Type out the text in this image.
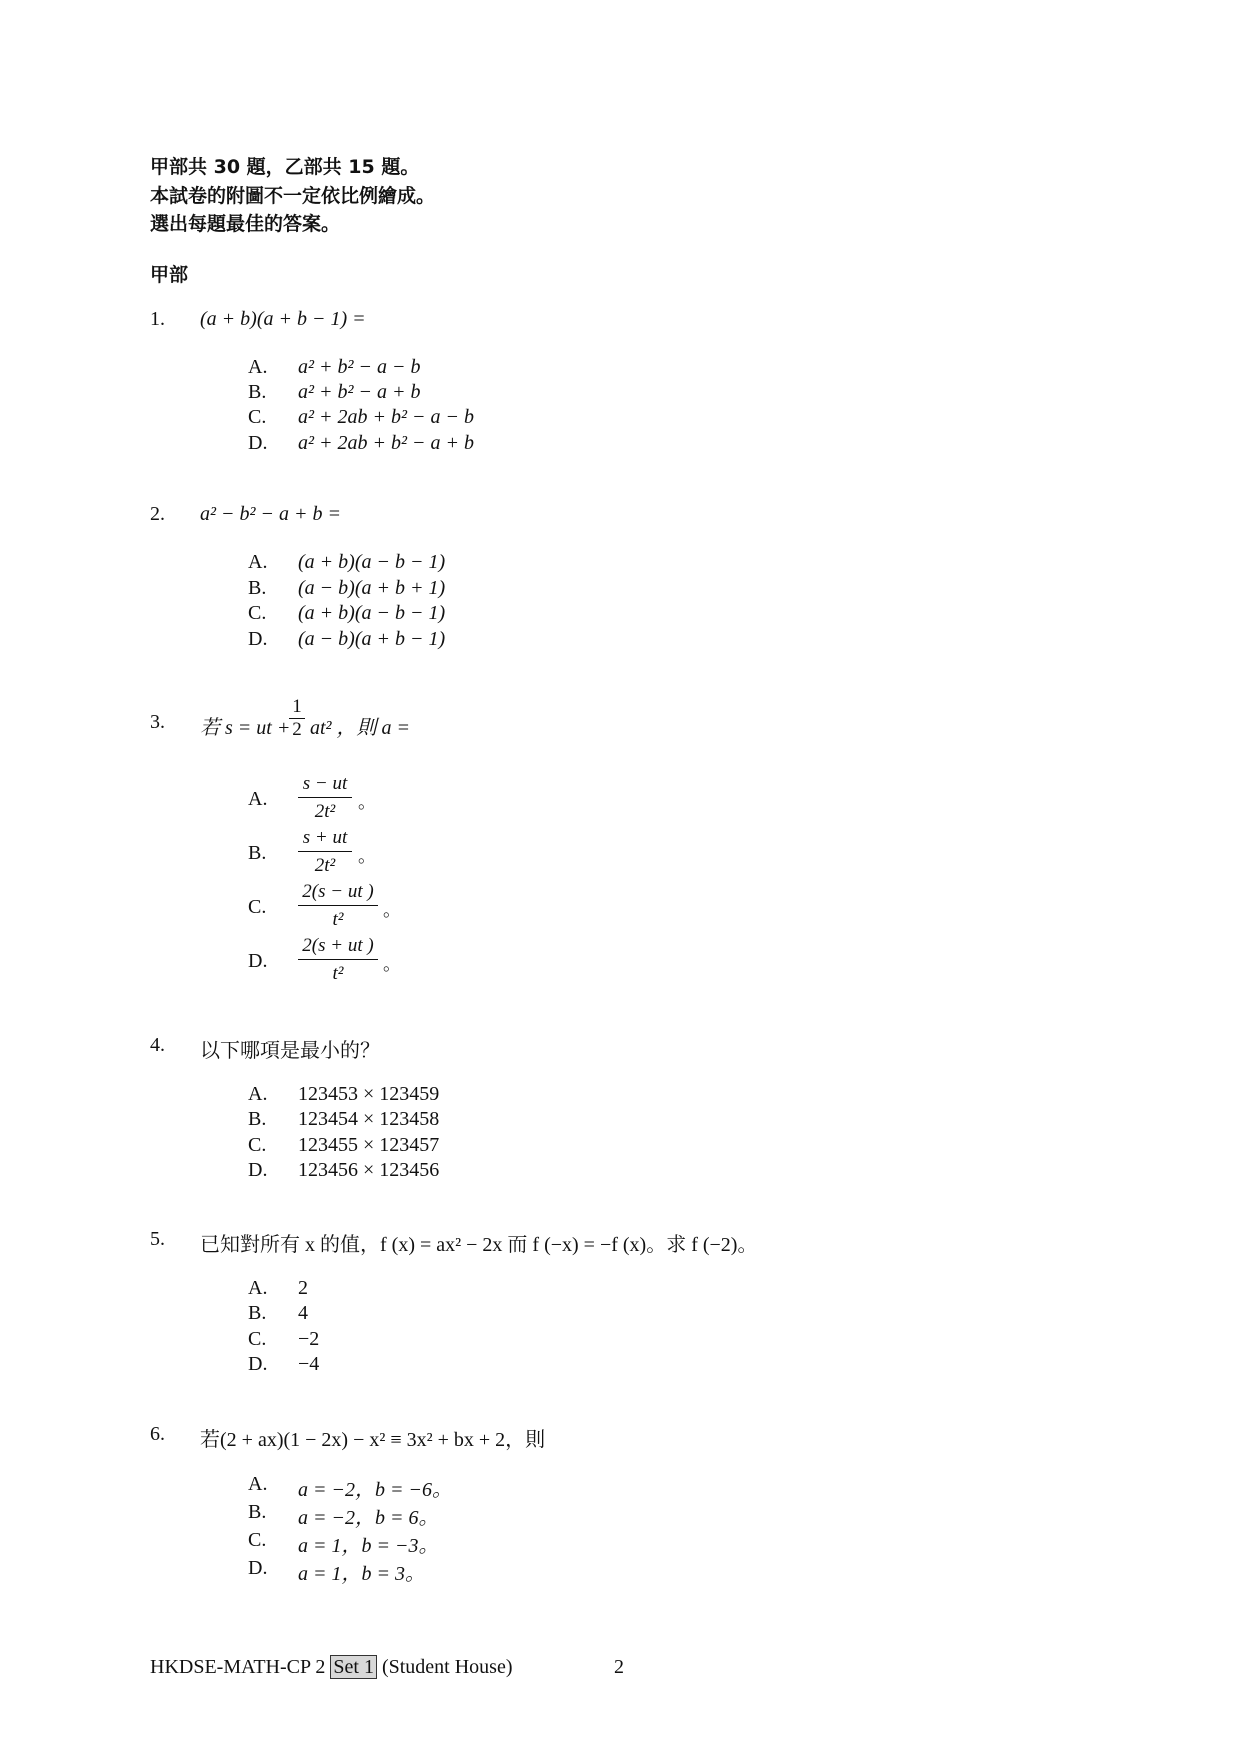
甲部共 30 題，乙部共 15 題。
本試卷的附圖不一定依比例繪成。
選出每題最佳的答案。
甲部
1. (a + b)(a + b − 1) =
A. a² + b² − a − b
B. a² + b² − a + b
C. a² + 2ab + b² − a − b
D. a² + 2ab + b² − a + b
2. a² − b² − a + b =
A. (a + b)(a − b − 1)
B. (a − b)(a + b + 1)
C. (a + b)(a − b − 1)
D. (a − b)(a + b − 1)
3. 若 s = ut +
$\frac{1}{2} at^2$ ，則 a =
A. $\frac{s - ut}{\text{2t²}}$ 。
B. $\frac{s + ut}{\text{2t²}}$ 。
C. $\frac{2(s - ut )}{\text{t²}}$ 。
D. $\frac{2(s + ut )}{\text{t²}}$ 。
4. 以下哪項是最小的？
A. 123453 × 123459
B. 123454 × 123458
C. 123455 × 123457
D. 123456 × 123456
5. 已知對所有 x 的值，f (x) = ax² − 2x 而 f (−x) = −f (x)。求 f (−2)。
A. 2
B. 4
C. −2
D. −4
6. 若(2 + ax)(1 − 2x) − x² ≡ 3x² + bx + 2，則
A. a = −2，b = −6。
B. a = −2，b = 6。
C. a = 1，b = −3。
D. a = 1，b = 3。
HKDSE-MATH-CP 2 Set 1 (Student House)	2
